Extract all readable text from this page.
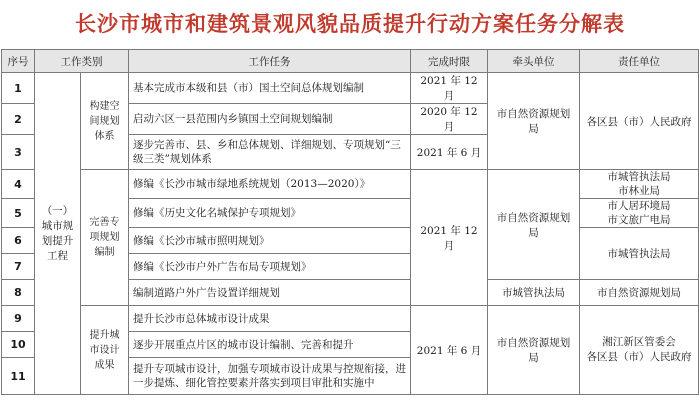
长沙市城市和建筑景观风貌品质提升行动方案任务分解表
序号	工作类别		工作任务	完成时限	牵头单位	责任单位
1	（一）城市规划提升工程	构建空间规划体系	基本完成市本级和县（市）国土空间总体规划编制	2021 年 12 月	市自然资源规划局	各区县（市）人民政府
2			启动六区一县范围内乡镇国土空间规划编制	2020 年 12 月		
3			逐步完善市、县、乡和总体规划、详细规划、专项规划“三级三类”规划体系	2021 年 6 月		
4		完善专项规划编制	修编《长沙市城市绿地系统规划（2013—2020）》	2021 年 12 月	市自然资源规划局	市城管执法局
市林业局
5			修编《历史文化名城保护专项规划》			市人居环境局
市文旅广电局
6			修编《长沙市城市照明规划》			市城管执法局
7			修编《长沙市户外广告布局专项规划》			
8			编制道路户外广告设置详细规划		市城管执法局	市自然资源规划局
9		提升城市设计成果	提升长沙市总体城市设计成果	2021 年 6 月	市自然资源规划局	湘江新区管委会
各区县（市）人民政府
10			逐步开展重点片区的城市设计编制、完善和提升			
11			提升专项城市设计，加强专项城市设计成果与控规衔接，进一步提炼、细化管控要素并落实到项目审批和实施中			
